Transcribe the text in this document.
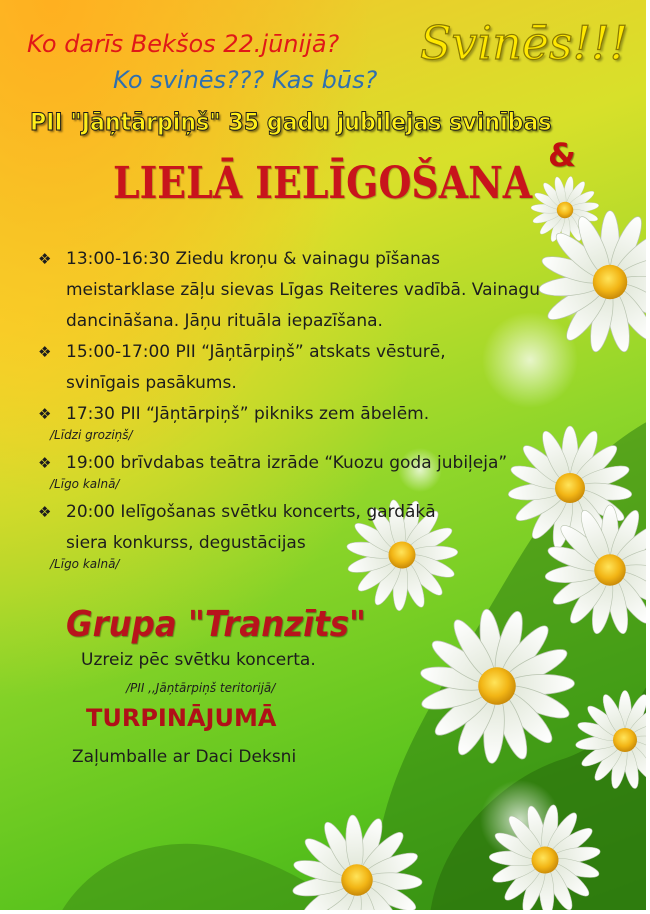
Ko darīs Bekšos 22.jūnijā?
Ko svinēs??? Kas būs?
Svinēs!!!
PII "Jāņtārpiņš" 35 gadu jubilejas svinības
&
LIELĀ IELĪGOŠANA
❖ 13:00-16:30 Ziedu kroņu & vainagu pīšanas
meistarklase zāļu sievas Līgas Reiteres vadībā. Vainagu
dancināšana. Jāņu rituāla iepazīšana.
❖ 15:00-17:00 PII “Jāņtārpiņš” atskats vēsturē,
svinīgais pasākums.
❖ 17:30 PII “Jāņtārpiņš” pikniks zem ābelēm.
/Līdzi groziņš/
❖ 19:00 brīvdabas teātra izrāde “Kuozu goda jubiļeja”
/Līgo kalnā/
❖ 20:00 Ielīgošanas svētku koncerts, gardākā
siera konkurss, degustācijas
/Līgo kalnā/
Grupa "Tranzīts"
Uzreiz pēc svētku koncerta.
/PII ,,Jāņtārpiņš teritorijā/
TURPINĀJUMĀ
Zaļumballe ar Daci Deksni
